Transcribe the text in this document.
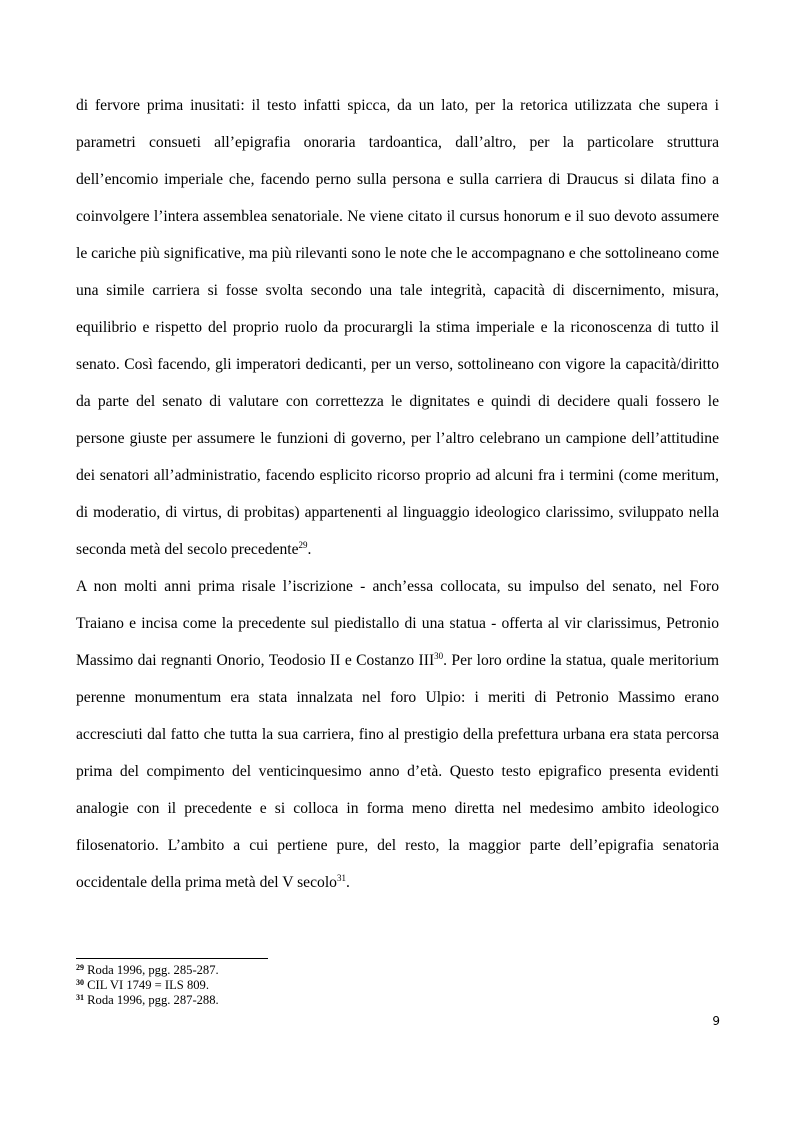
di fervore prima inusitati: il testo infatti spicca, da un lato, per la retorica utilizzata che supera i parametri consueti all’epigrafia onoraria tardoantica, dall’altro, per la particolare struttura dell’encomio imperiale che, facendo perno sulla persona e sulla carriera di Draucus si dilata fino a coinvolgere l’intera assemblea senatoriale. Ne viene citato il cursus honorum e il suo devoto assumere le cariche più significative, ma più rilevanti sono le note che le accompagnano e che sottolineano come una simile carriera si fosse svolta secondo una tale integrità, capacità di discernimento, misura, equilibrio e rispetto del proprio ruolo da procurargli la stima imperiale e la riconoscenza di tutto il senato. Così facendo, gli imperatori dedicanti, per un verso, sottolineano con vigore la capacità/diritto da parte del senato di valutare con correttezza le dignitates e quindi di decidere quali fossero le persone giuste per assumere le funzioni di governo, per l’altro celebrano un campione dell’attitudine dei senatori all’administratio, facendo esplicito ricorso proprio ad alcuni fra i termini (come meritum, di moderatio, di virtus, di probitas) appartenenti al linguaggio ideologico clarissimo, sviluppato nella seconda metà del secolo precedente$^{29}$.

A non molti anni prima risale l’iscrizione - anch’essa collocata, su impulso del senato, nel Foro Traiano e incisa come la precedente sul piedistallo di una statua - offerta al vir clarissimus, Petronio Massimo dai regnanti Onorio, Teodosio II e Costanzo III$^{30}$. Per loro ordine la statua, quale meritorium perenne monumentum era stata innalzata nel foro Ulpio: i meriti di Petronio Massimo erano accresciuti dal fatto che tutta la sua carriera, fino al prestigio della prefettura urbana era stata percorsa prima del compimento del venticinquesimo anno d’età. Questo testo epigrafico presenta evidenti analogie con il precedente e si colloca in forma meno diretta nel medesimo ambito ideologico filosenatorio. L’ambito a cui pertiene pure, del resto, la maggior parte dell’epigrafia senatoria occidentale della prima metà del V secolo$^{31}$.

$^{29}$ Roda 1996, pgg. 285-287.

$^{30}$ CIL VI 1749 = ILS 809.

$^{31}$ Roda 1996, pgg. 287-288.

9
